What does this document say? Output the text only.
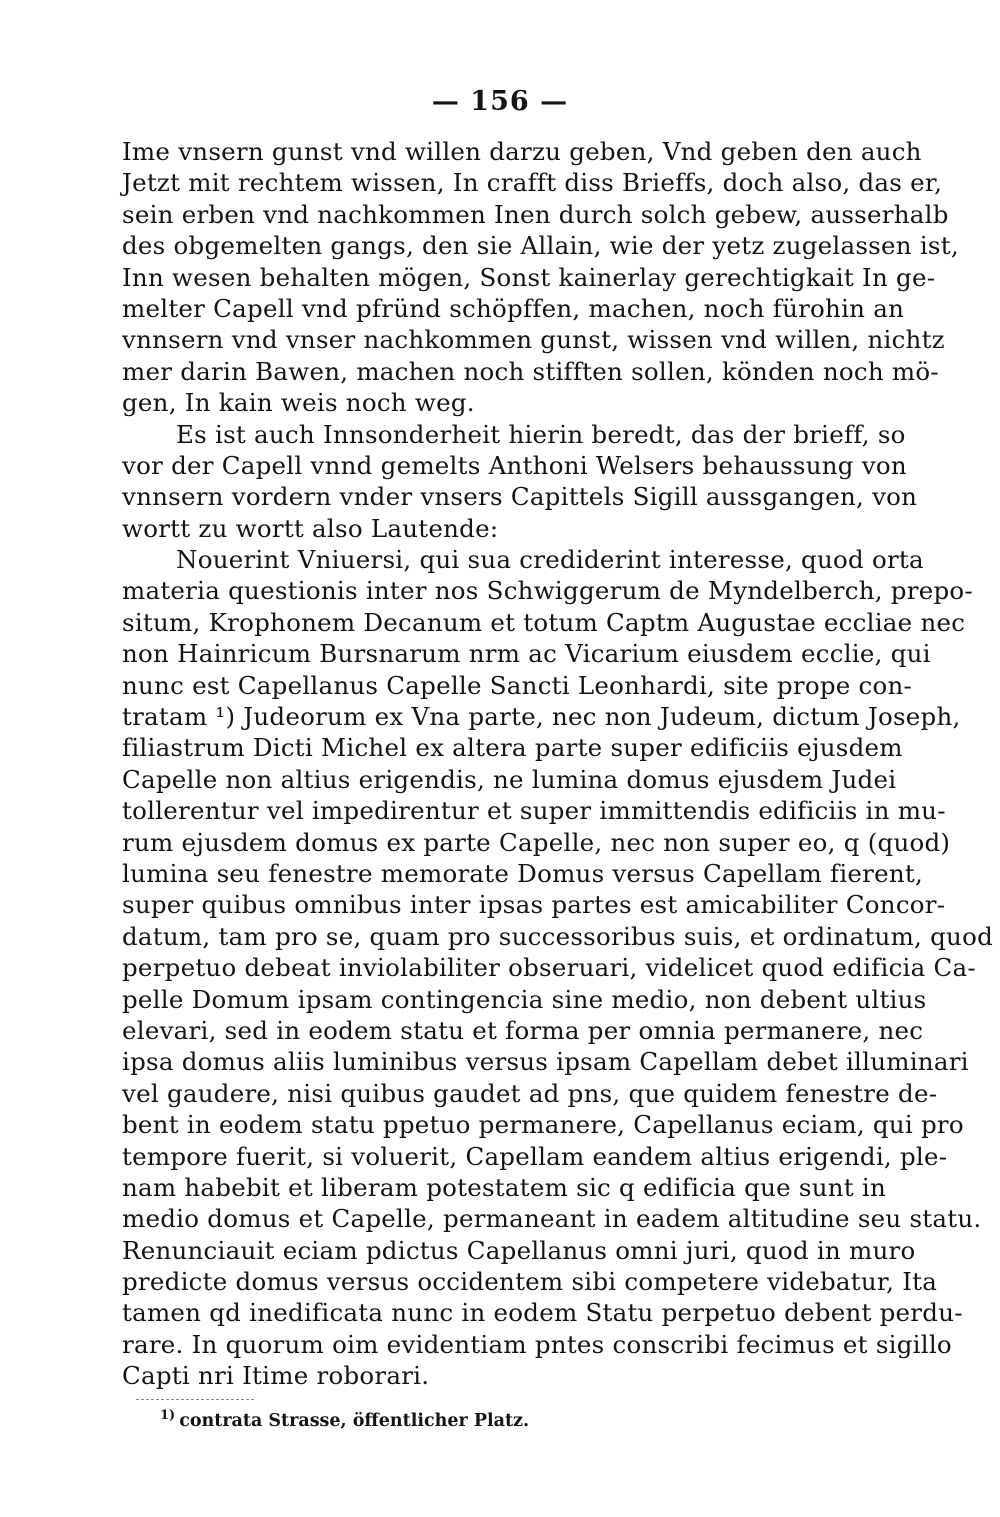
— 156 —
Ime vnsern gunst vnd willen darzu geben, Vnd geben den auch
Jetzt mit rechtem wissen, In crafft diss Brieffs, doch also, das er,
sein erben vnd nachkommen Inen durch solch gebew, ausserhalb
des obgemelten gangs, den sie Allain, wie der yetz zugelassen ist,
Inn wesen behalten mögen, Sonst kainerlay gerechtigkait In ge-
melter Capell vnd pfründ schöpffen, machen, noch fürohin an
vnnsern vnd vnser nachkommen gunst, wissen vnd willen, nichtz
mer darin Bawen, machen noch stifften sollen, könden noch mö-
gen, In kain weis noch weg.
Es ist auch Innsonderheit hierin beredt, das der brieff, so
vor der Capell vnnd gemelts Anthoni Welsers behaussung von
vnnsern vordern vnder vnsers Capittels Sigill aussgangen, von
wortt zu wortt also Lautende:
Nouerint Vniuersi, qui sua crediderint interesse, quod orta
materia questionis inter nos Schwiggerum de Myndelberch, prepo-
situm, Krophonem Decanum et totum Captm Augustae eccliae nec
non Hainricum Bursnarum nrm ac Vicarium eiusdem ecclie, qui
nunc est Capellanus Capelle Sancti Leonhardi, site prope con-
tratam ¹) Judeorum ex Vna parte, nec non Judeum, dictum Joseph,
filiastrum Dicti Michel ex altera parte super edificiis ejusdem
Capelle non altius erigendis, ne lumina domus ejusdem Judei
tollerentur vel impedirentur et super immittendis edificiis in mu-
rum ejusdem domus ex parte Capelle, nec non super eo, q (quod)
lumina seu fenestre memorate Domus versus Capellam fierent,
super quibus omnibus inter ipsas partes est amicabiliter Concor-
datum, tam pro se, quam pro successoribus suis, et ordinatum, quod
perpetuo debeat inviolabiliter obseruari, videlicet quod edificia Ca-
pelle Domum ipsam contingencia sine medio, non debent ultius
elevari, sed in eodem statu et forma per omnia permanere, nec
ipsa domus aliis luminibus versus ipsam Capellam debet illuminari
vel gaudere, nisi quibus gaudet ad pns, que quidem fenestre de-
bent in eodem statu ppetuo permanere, Capellanus eciam, qui pro
tempore fuerit, si voluerit, Capellam eandem altius erigendi, ple-
nam habebit et liberam potestatem sic q edificia que sunt in
medio domus et Capelle, permaneant in eadem altitudine seu statu.
Renunciauit eciam pdictus Capellanus omni juri, quod in muro
predicte domus versus occidentem sibi competere videbatur, Ita
tamen qd inedificata nunc in eodem Statu perpetuo debent perdu-
rare. In quorum oim evidentiam pntes conscribi fecimus et sigillo
Capti nri Itime roborari.
$^{1)}$ contrata Strasse, öffentlicher Platz.
